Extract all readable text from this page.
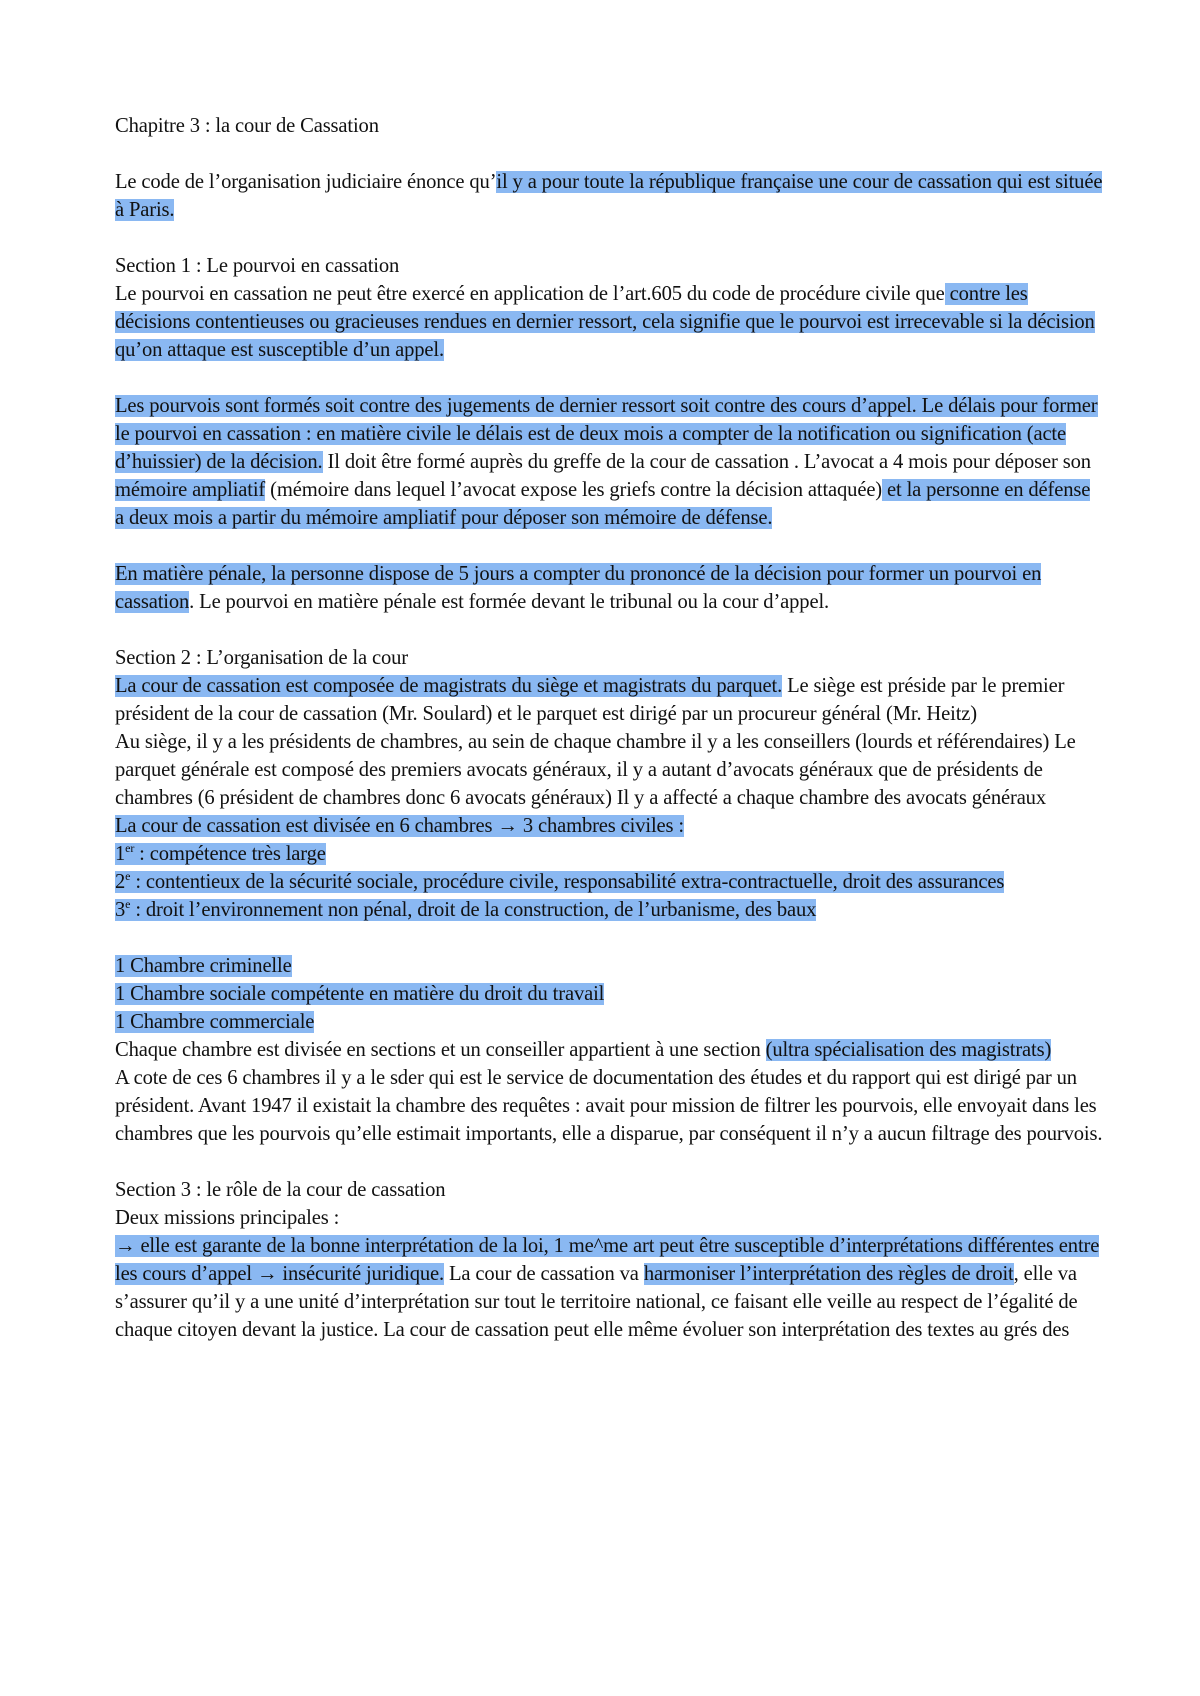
Chapitre 3 : la cour de Cassation

Le code de l’organisation judiciaire énonce qu’il y a pour toute la république française une cour de cassation qui est située à Paris.

Section 1 : Le pourvoi en cassation

Le pourvoi en cassation ne peut être exercé en application de l’art.605 du code de procédure civile que contre les décisions contentieuses ou gracieuses rendues en dernier ressort, cela signifie que le pourvoi est irrecevable si la décision qu’on attaque est susceptible d’un appel.

Les pourvois sont formés soit contre des jugements de dernier ressort soit contre des cours d’appel. Le délais pour former le pourvoi en cassation : en matière civile le délais est de deux mois a compter de la notification ou signification (acte d’huissier) de la décision. Il doit être formé auprès du greffe de la cour de cassation . L’avocat a 4 mois pour déposer son mémoire ampliatif (mémoire dans lequel l’avocat expose les griefs contre la décision attaquée) et la personne en défense a deux mois a partir du mémoire ampliatif pour déposer son mémoire de défense.

En matière pénale, la personne dispose de 5 jours a compter du prononcé de la décision pour former un pourvoi en cassation. Le pourvoi en matière pénale est formée devant le tribunal ou la cour d’appel.

Section 2 : L’organisation de la cour

La cour de cassation est composée de magistrats du siège et magistrats du parquet. Le siège est préside par le premier président de la cour de cassation (Mr. Soulard) et le parquet est dirigé par un procureur général (Mr. Heitz)

Au siège, il y a les présidents de chambres, au sein de chaque chambre il y a les conseillers (lourds et référendaires) Le parquet générale est composé des premiers avocats généraux, il y a autant d’avocats généraux que de présidents de chambres (6 président de chambres donc 6 avocats généraux) Il y a affecté a chaque chambre des avocats généraux

La cour de cassation est divisée en 6 chambres → 3 chambres civiles :

1er : compétence très large

2e : contentieux de la sécurité sociale, procédure civile, responsabilité extra-contractuelle, droit des assurances

3e : droit l’environnement non pénal, droit de la construction, de l’urbanisme, des baux

1 Chambre criminelle

1 Chambre sociale compétente en matière du droit du travail

1 Chambre commerciale

Chaque chambre est divisée en sections et un conseiller appartient à une section (ultra spécialisation des magistrats)

A cote de ces 6 chambres il y a le sder qui est le service de documentation des études et du rapport qui est dirigé par un président. Avant 1947 il existait la chambre des requêtes : avait pour mission de filtrer les pourvois, elle envoyait dans les chambres que les pourvois qu’elle estimait importants, elle a disparue, par conséquent il n’y a aucun filtrage des pourvois.

Section 3 : le rôle de la cour de cassation

Deux missions principales :

→ elle est garante de la bonne interprétation de la loi, 1 me^me art peut être susceptible d’interprétations différentes entre les cours d’appel → insécurité juridique. La cour de cassation va harmoniser l’interprétation des règles de droit, elle va s’assurer qu’il y a une unité d’interprétation sur tout le territoire national, ce faisant elle veille au respect de l’égalité de chaque citoyen devant la justice. La cour de cassation peut elle même évoluer son interprétation des textes au grés des
